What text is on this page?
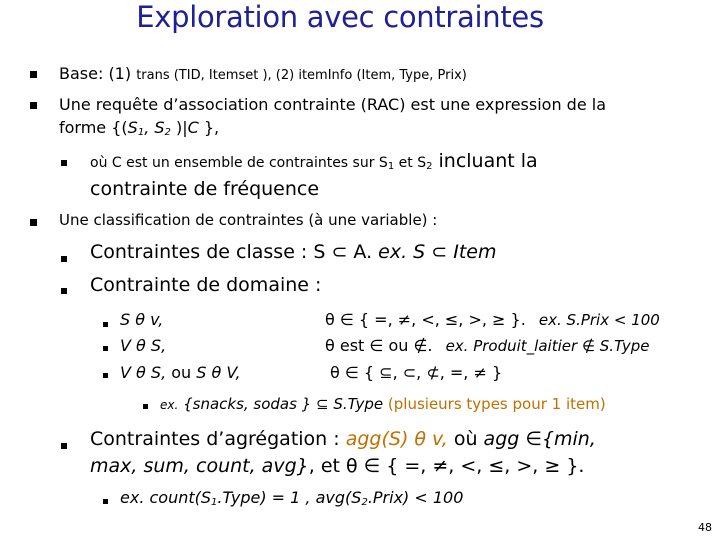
Exploration avec contraintes
Base: (1) trans (TID, Itemset ), (2) itemInfo (Item, Type, Prix)
Une requête d’association contrainte (RAC) est une expression de la
forme {($S_1$, $S_2$ )|C },
où C est un ensemble de contraintes sur $S_1$ et $S_2$ incluant la
contrainte de fréquence
Une classification de contraintes (à une variable) :
Contraintes de classe : S ⊂ A. ex. S ⊂ Item
Contrainte de domaine :
S θ v,	θ ∈ { =, ≠, <, ≤, >, ≥ }. ex. S.Prix < 100
V θ S,	θ est ∈ ou ∉. ex. Produit_laitier ∉ S.Type
V θ S, ou S θ V,	θ ∈ { ⊆, ⊂, ⊄, =, ≠ }
ex. {snacks, sodas } ⊆ S.Type (plusieurs types pour 1 item)
Contraintes d’agrégation : agg(S) θ v, où agg ∈{min,
max, sum, count, avg}, et θ ∈ { =, ≠, <, ≤, >, ≥ }.
ex. $count(S_1.Type) = 1$ , $avg(S_2.Prix) < 100$
48
